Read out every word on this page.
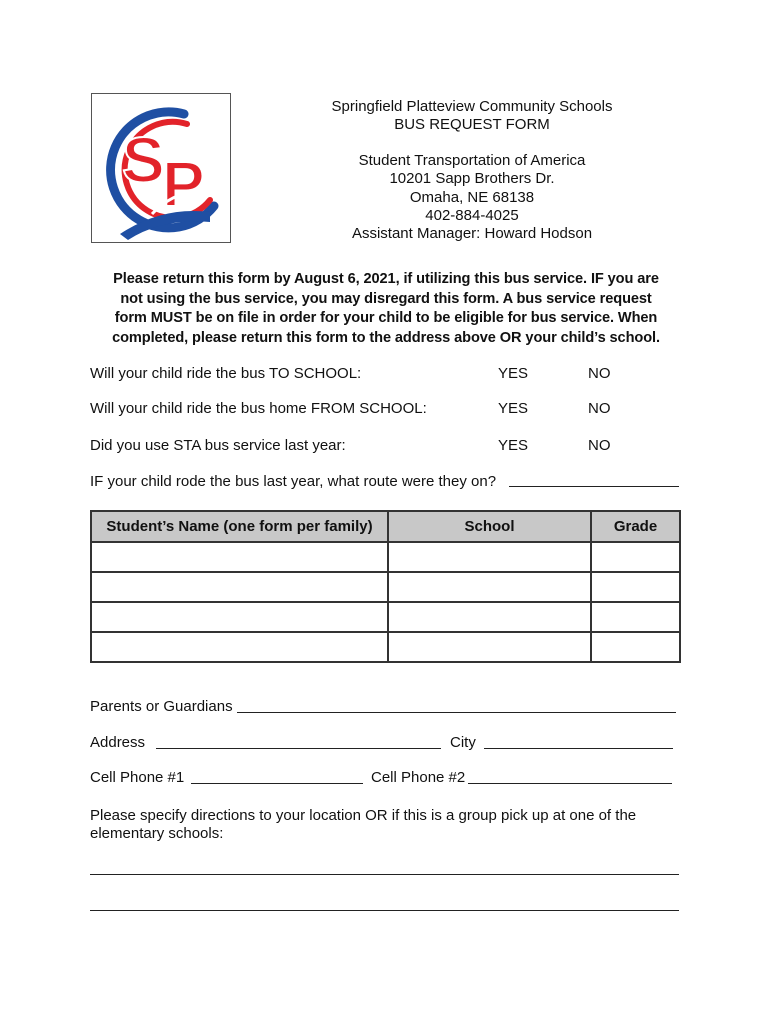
S
P
Springfield Platteview Community Schools
BUS REQUEST FORM
Student Transportation of America
10201 Sapp Brothers Dr.
Omaha, NE 68138
402-884-4025
Assistant Manager: Howard Hodson
Please return this form by August 6, 2021, if utilizing this bus service. IF you are
not using the bus service, you may disregard this form. A bus service request
form MUST be on file in order for your child to be eligible for bus service. When
completed, please return this form to the address above OR your child’s school.
Will your child ride the bus TO SCHOOL:	YES	NO
Will your child ride the bus home FROM SCHOOL:	YES	NO
Did you use STA bus service last year:	YES	NO
IF your child rode the bus last year, what route were they on?
Student’s Name (one form per family)	School	Grade

Parents or Guardians
Address	City
Cell Phone #1	Cell Phone #2
Please specify directions to your location OR if this is a group pick up at one of the
elementary schools:
